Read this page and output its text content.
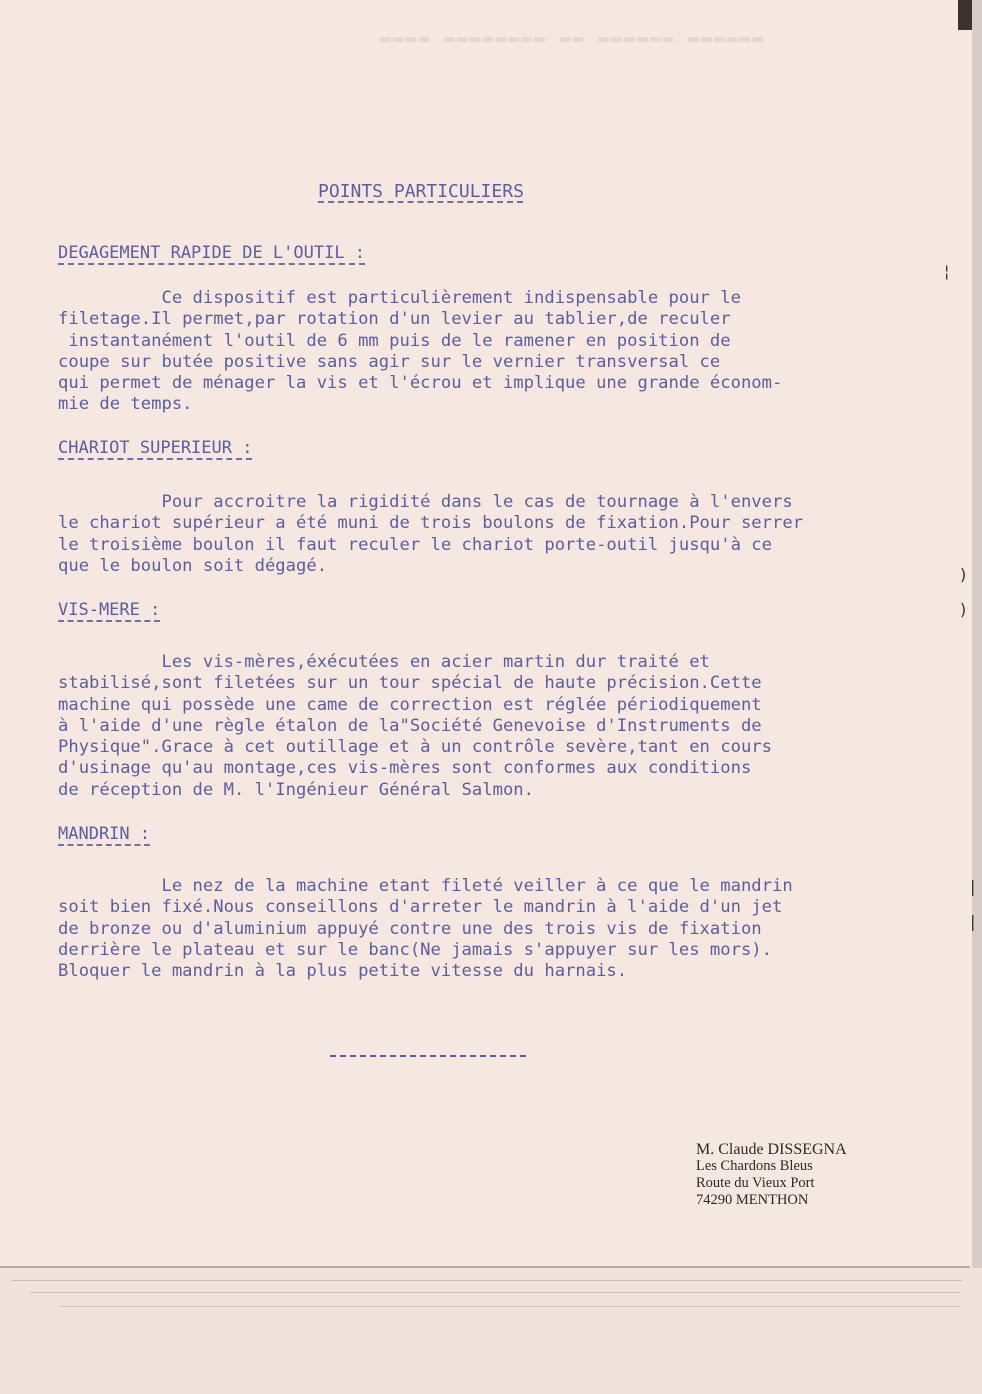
▬▬▬▬ ▬▬▬▬▬▬▬▬ ▬▬ ▬▬▬▬▬▬ ▬▬▬▬▬▬
POINTS PARTICULIERS
DEGAGEMENT RAPIDE DE L'OUTIL :

Ce dispositif est particulièrement indispensable pour le
filetage.Il permet,par rotation d'un levier au tablier,de reculer
instantanément l'outil de 6 mm puis de le ramener en position de
coupe sur butée positive sans agir sur le vernier transversal ce
qui permet de ménager la vis et l'écrou et implique une grande économ-
mie de temps.

CHARIOT SUPERIEUR :

Pour accroitre la rigidité dans le cas de tournage à l'envers
le chariot supérieur a été muni de trois boulons de fixation.Pour serrer
le troisième boulon il faut reculer le chariot porte-outil jusqu'à ce
que le boulon soit dégagé.

VIS-MERE :

Les vis-mères,éxécutées en acier martin dur traité et
stabilisé,sont filetées sur un tour spécial de haute précision.Cette
machine qui possède une came de correction est réglée périodiquement
à l'aide d'une règle étalon de la"Société Genevoise d'Instruments de
Physique".Grace à cet outillage et à un contrôle sevère,tant en cours
d'usinage qu'au montage,ces vis-mères sont conformes aux conditions
de réception de M. l'Ingénieur Général Salmon.

MANDRIN :

Le nez de la machine etant fileté veiller à ce que le mandrin
soit bien fixé.Nous conseillons d'arreter le mandrin à l'aide d'un jet
de bronze ou d'aluminium appuyé contre une des trois vis de fixation
derrière le plateau et sur le banc(Ne jamais s'appuyer sur les mors).
Bloquer le mandrin à la plus petite vitesse du harnais.

M. Claude DISSEGNA
Les Chardons Bleus
Route du Vieux Port
74290 MENTHON
¦
)
)
|
|
